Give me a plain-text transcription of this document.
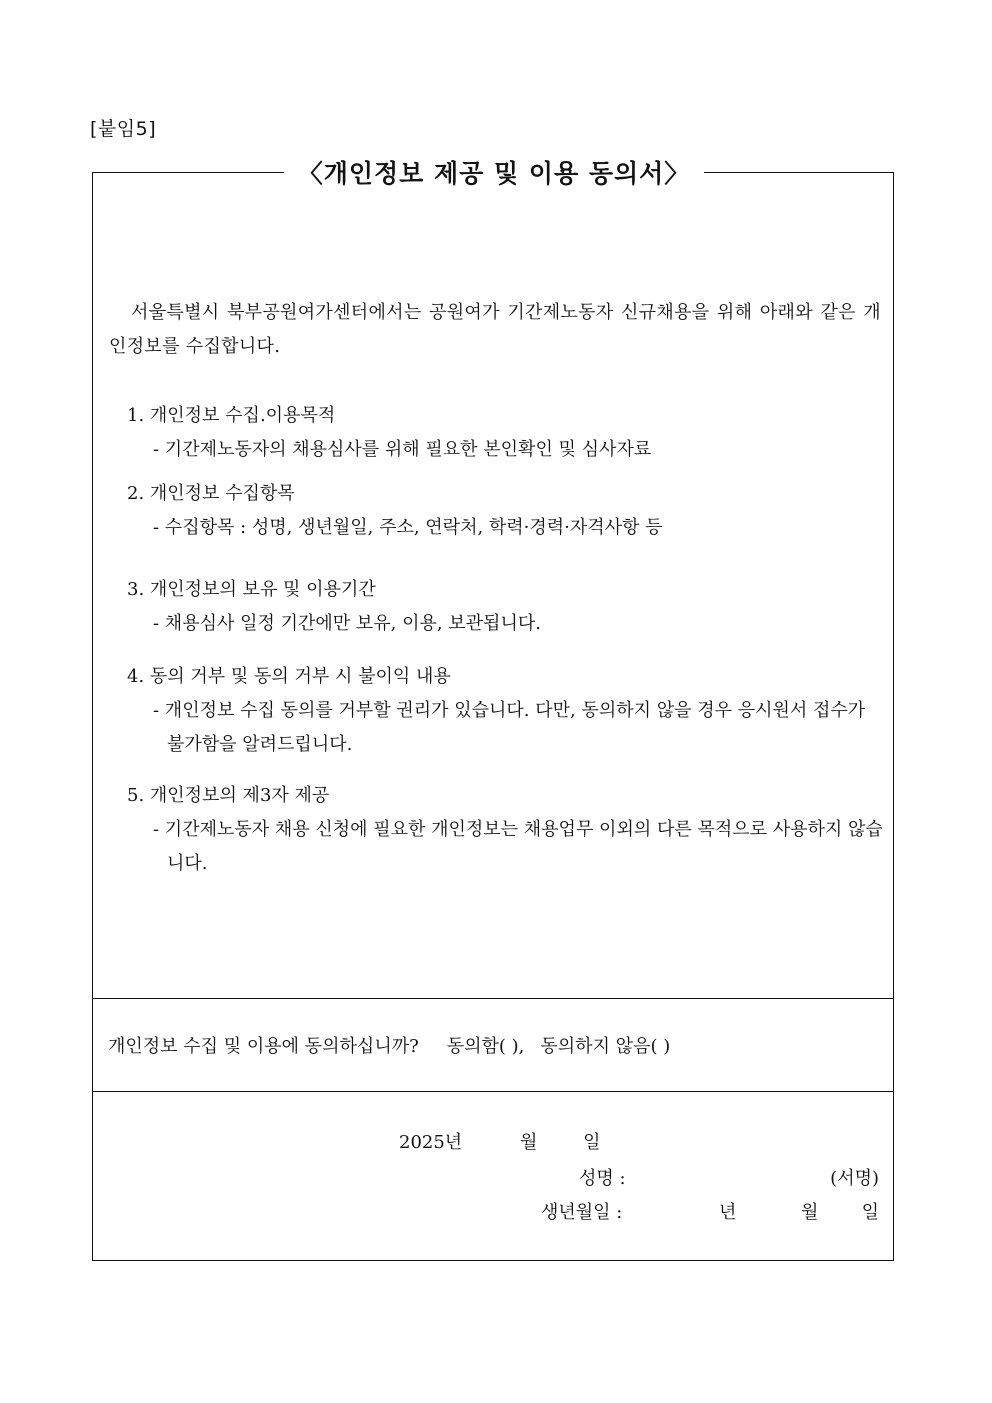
[붙임5]
〈개인정보 제공 및 이용 동의서〉
서울특별시 북부공원여가센터에서는 공원여가 기간제노동자 신규채용을 위해 아래와 같은 개인정보를 수집합니다.
1. 개인정보 수집.이용목적
- 기간제노동자의 채용심사를 위해 필요한 본인확인 및 심사자료
2. 개인정보 수집항목
- 수집항목 : 성명, 생년월일, 주소, 연락처, 학력·경력·자격사항 등
3. 개인정보의 보유 및 이용기간
- 채용심사 일정 기간에만 보유, 이용, 보관됩니다.
4. 동의 거부 및 동의 거부 시 불이익 내용
- 개인정보 수집 동의를 거부할 권리가 있습니다. 다만, 동의하지 않을 경우 응시원서 접수가 불가함을 알려드립니다.
5. 개인정보의 제3자 제공
- 기간제노동자 채용 신청에 필요한 개인정보는 채용업무 이외의 다른 목적으로 사용하지 않습니다.
개인정보 수집 및 이용에 동의하십니까? 동의함( ), 동의하지 않음( )
2025년	월	일
성명 :	(서명)
생년월일 :	년	월 일
